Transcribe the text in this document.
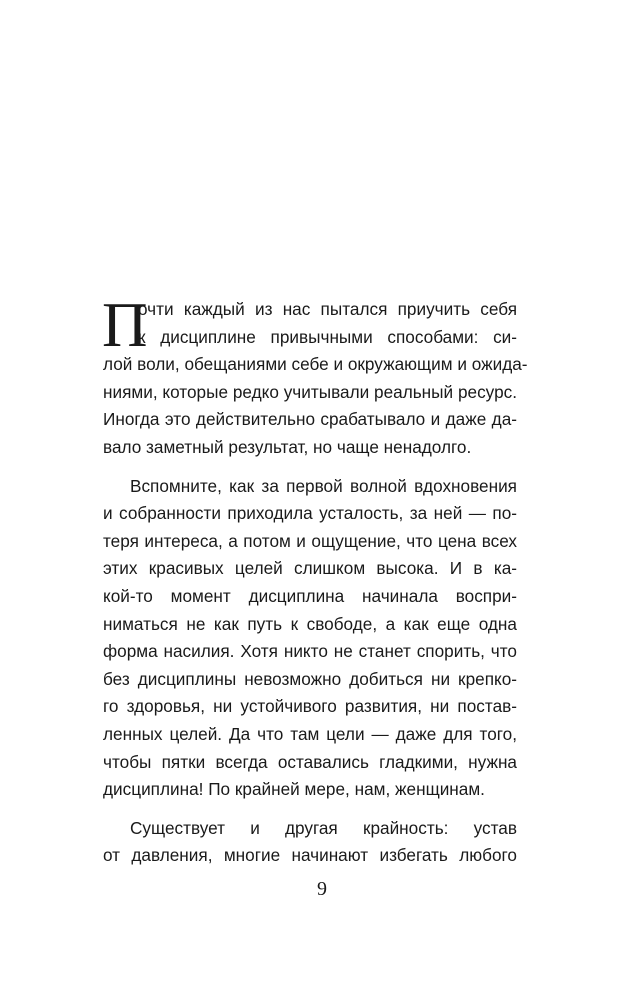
П
очти каждый из нас пытался приучить себя
к дисциплине привычными способами: си-
лой воли, обещаниями себе и окружающим и ожида-
ниями, которые редко учитывали реальный ресурс.
Иногда это действительно срабатывало и даже да-
вало заметный результат, но чаще ненадолго.
Вспомните, как за первой волной вдохновения
и собранности приходила усталость, за ней — по-
теря интереса, а потом и ощущение, что цена всех
этих красивых целей слишком высока. И в ка-
кой-то момент дисциплина начинала воспри-
ниматься не как путь к свободе, а как еще одна
форма насилия. Хотя никто не станет спорить, что
без дисциплины невозможно добиться ни крепко-
го здоровья, ни устойчивого развития, ни постав-
ленных целей. Да что там цели — даже для того,
чтобы пятки всегда оставались гладкими, нужна
дисциплина! По крайней мере, нам, женщинам.
Существует и другая крайность: устав
от давления, многие начинают избегать любого
9
